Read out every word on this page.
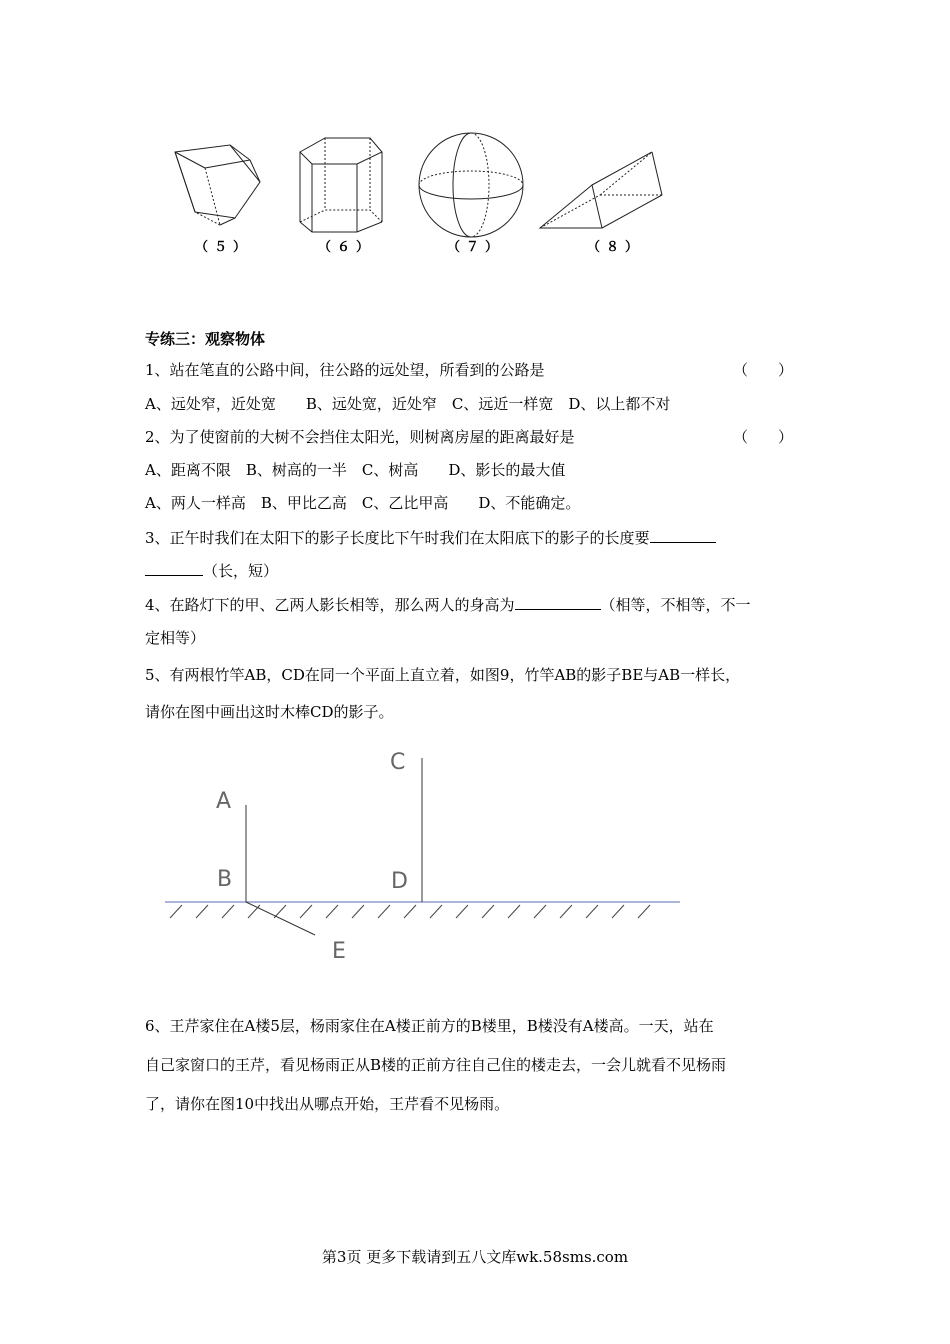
（５）	（６）	（７）	（８）
专练三：观察物体
1、站在笔直的公路中间，往公路的远处望，所看到的公路是	（　　）
A、远处窄，近处宽　　B、远处宽，近处窄　C、远近一样宽　D、以上都不对
2、为了使窗前的大树不会挡住太阳光，则树离房屋的距离最好是	（　　）
A、距离不限　B、树高的一半　C、树高　　D、影长的最大值
A、两人一样高　B、甲比乙高　C、乙比甲高　　D、不能确定。
3、正午时我们在太阳下的影子长度比下午时我们在太阳底下的影子的长度要
（长，短）
4、在路灯下的甲、乙两人影长相等，那么两人的身高为	（相等，不相等，不一
定相等）
5、有两根竹竿AB，CD在同一个平面上直立着，如图9，竹竿AB的影子BE与AB一样长，
请你在图中画出这时木棒CD的影子。
A
B
C
D
E
6、王芹家住在A楼5层，杨雨家住在A楼正前方的B楼里，B楼没有A楼高。一天，站在
自己家窗口的王芹，看见杨雨正从B楼的正前方往自己住的楼走去，一会儿就看不见杨雨
了，请你在图10中找出从哪点开始，王芹看不见杨雨。
第3页 更多下载请到五八文库wk.58sms.com
